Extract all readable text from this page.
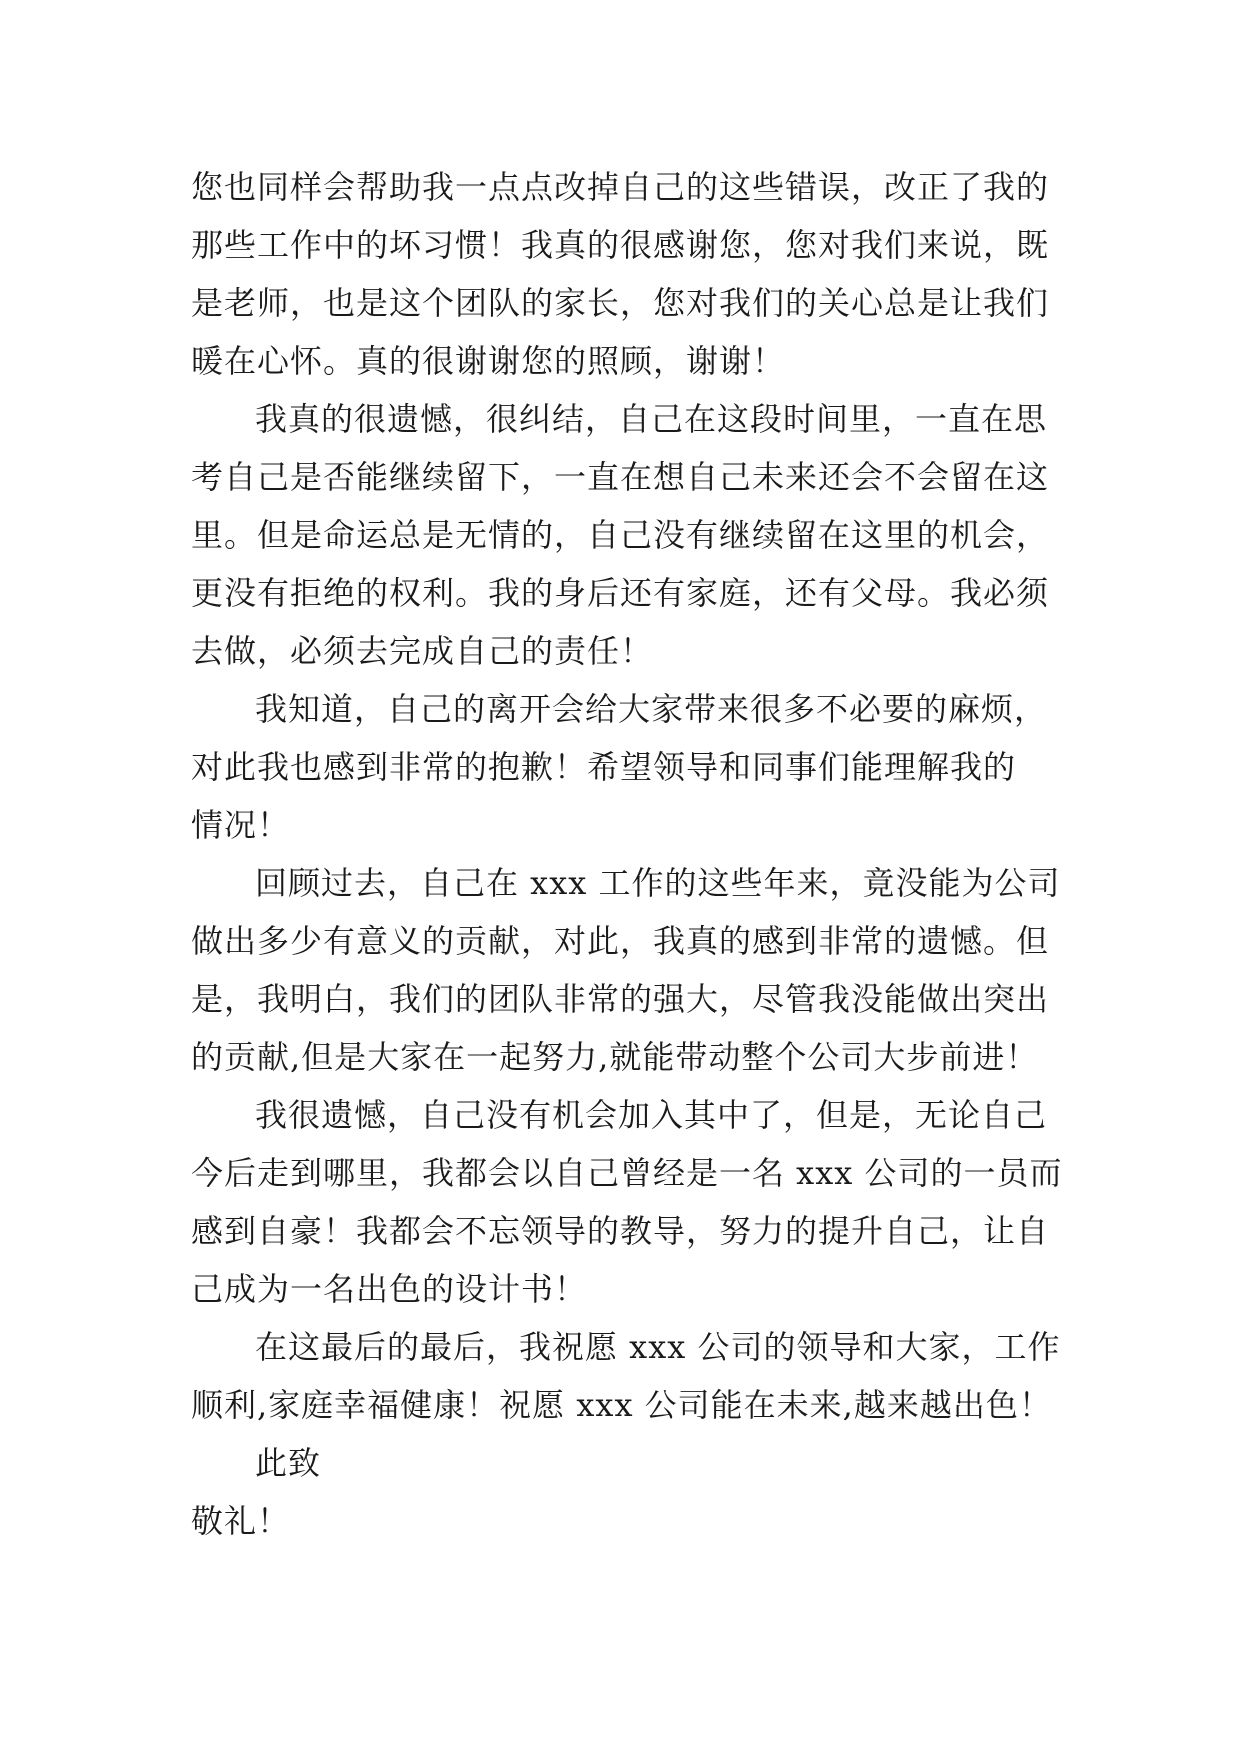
您也同样会帮助我一点点改掉自己的这些错误，改正了我的
那些工作中的坏习惯！我真的很感谢您，您对我们来说，既
是老师，也是这个团队的家长，您对我们的关心总是让我们
暖在心怀。真的很谢谢您的照顾，谢谢！
我真的很遗憾，很纠结，自己在这段时间里，一直在思
考自己是否能继续留下，一直在想自己未来还会不会留在这
里。但是命运总是无情的，自己没有继续留在这里的机会，
更没有拒绝的权利。我的身后还有家庭，还有父母。我必须
去做，必须去完成自己的责任！
我知道，自己的离开会给大家带来很多不必要的麻烦，
对此我也感到非常的抱歉！希望领导和同事们能理解我的
情况！
回顾过去，自己在 xxx 工作的这些年来，竟没能为公司
做出多少有意义的贡献，对此，我真的感到非常的遗憾。但
是，我明白，我们的团队非常的强大，尽管我没能做出突出
的贡献,但是大家在一起努力,就能带动整个公司大步前进！
我很遗憾，自己没有机会加入其中了，但是，无论自己
今后走到哪里，我都会以自己曾经是一名 xxx 公司的一员而
感到自豪！我都会不忘领导的教导，努力的提升自己，让自
己成为一名出色的设计书！
在这最后的最后，我祝愿 xxx 公司的领导和大家，工作
顺利,家庭幸福健康！祝愿 xxx 公司能在未来,越来越出色！
此致
敬礼！
